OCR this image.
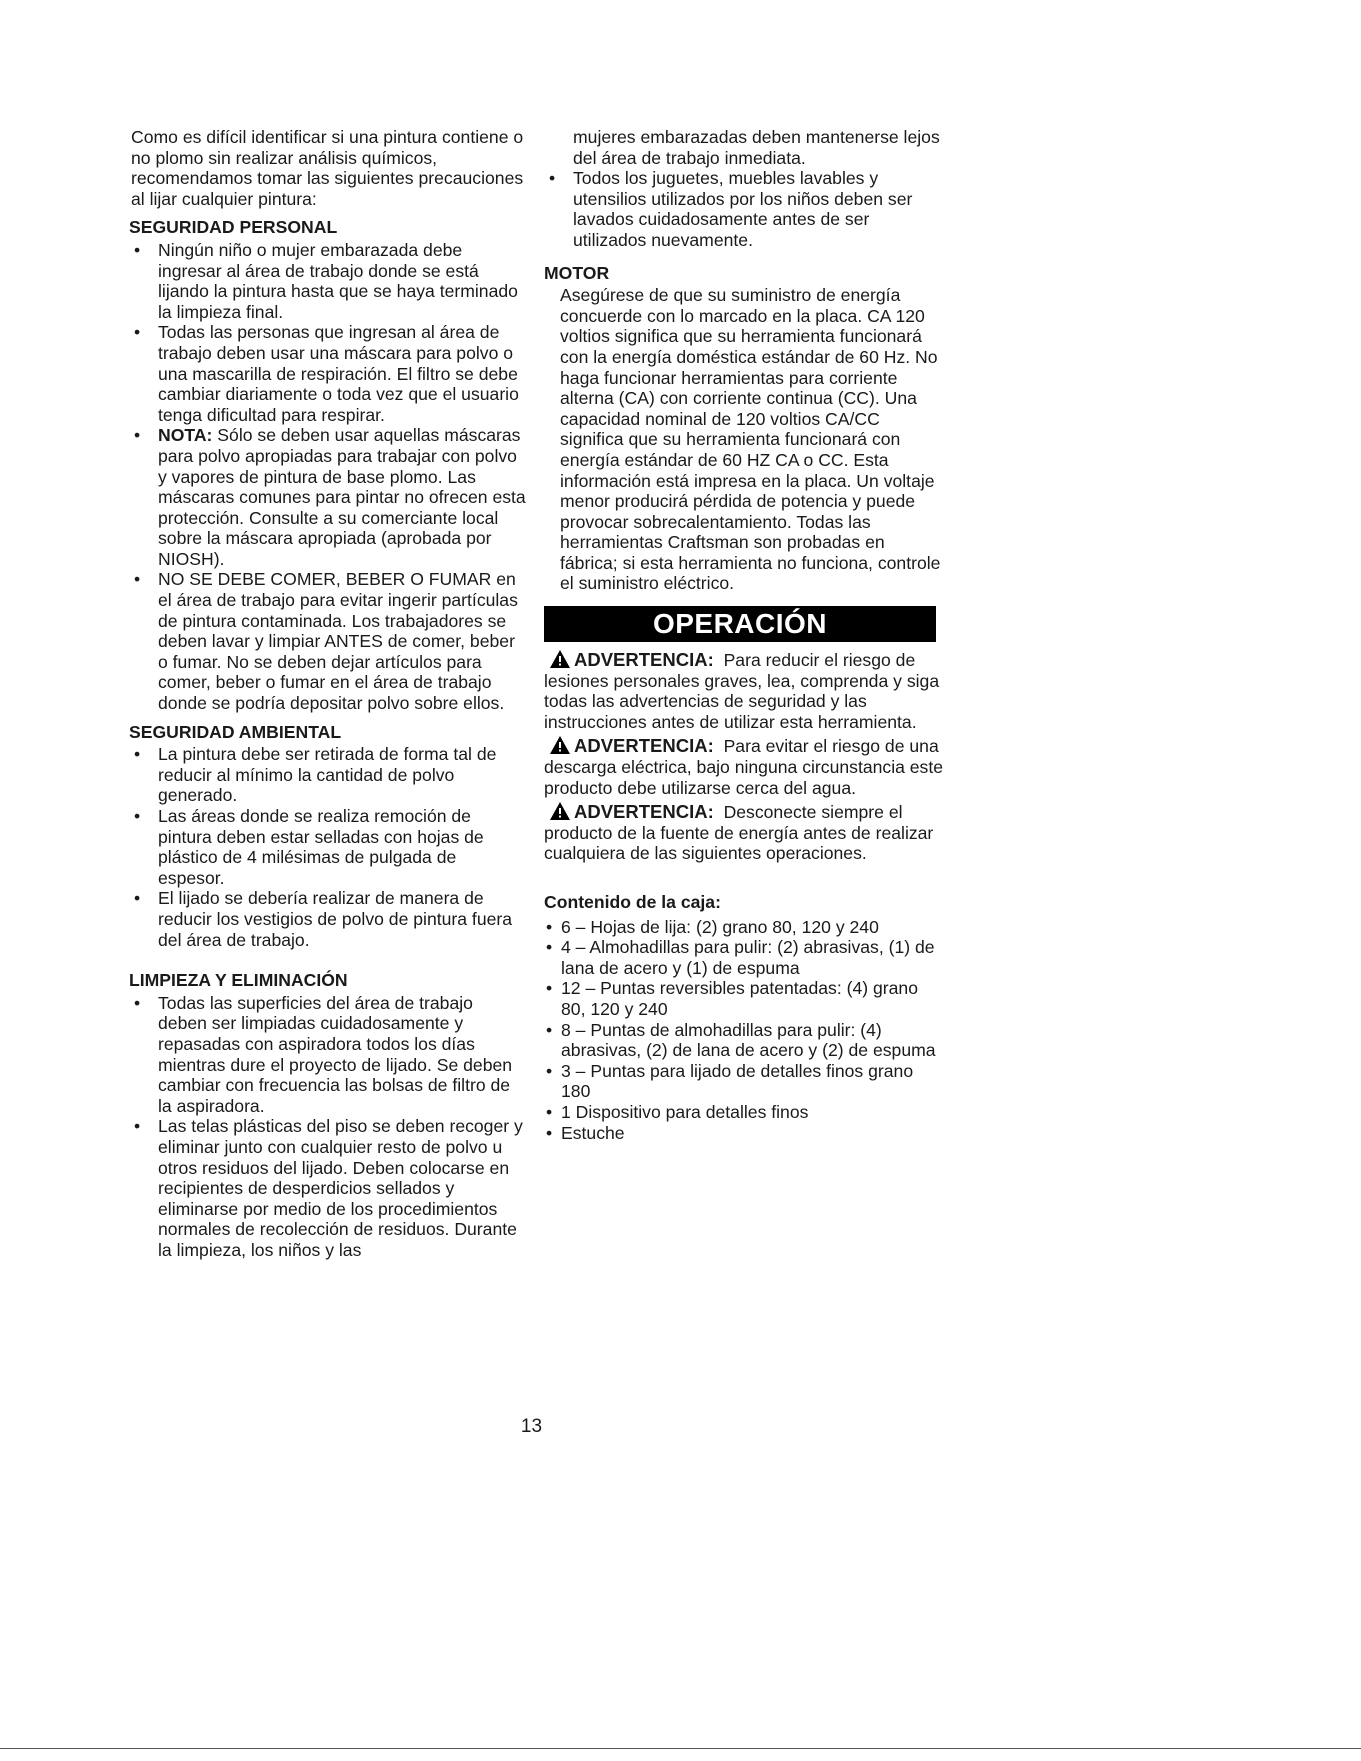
Como es difícil identificar si una pintura contiene o no plomo sin realizar análisis químicos, recomendamos tomar las siguientes precauciones al lijar cualquier pintura:

SEGURIDAD PERSONAL
• Ningún niño o mujer embarazada debe ingresar al área de trabajo donde se está lijando la pintura hasta que se haya terminado la limpieza final.
• Todas las personas que ingresan al área de trabajo deben usar una máscara para polvo o una mascarilla de respiración. El filtro se debe cambiar diariamente o toda vez que el usuario tenga dificultad para respirar.
• NOTA: Sólo se deben usar aquellas máscaras para polvo apropiadas para trabajar con polvo y vapores de pintura de base plomo. Las máscaras comunes para pintar no ofrecen esta protección. Consulte a su comerciante local sobre la máscara apropiada (aprobada por NIOSH).
• NO SE DEBE COMER, BEBER O FUMAR en el área de trabajo para evitar ingerir partículas de pintura contaminada. Los trabajadores se deben lavar y limpiar ANTES de comer, beber o fumar. No se deben dejar artículos para comer, beber o fumar en el área de trabajo donde se podría depositar polvo sobre ellos.
SEGURIDAD AMBIENTAL
• La pintura debe ser retirada de forma tal de reducir al mínimo la cantidad de polvo generado.
• Las áreas donde se realiza remoción de pintura deben estar selladas con hojas de plástico de 4 milésimas de pulgada de espesor.
• El lijado se debería realizar de manera de reducir los vestigios de polvo de pintura fuera del área de trabajo.
LIMPIEZA Y ELIMINACIÓN
• Todas las superficies del área de trabajo deben ser limpiadas cuidadosamente y repasadas con aspiradora todos los días mientras dure el proyecto de lijado. Se deben cambiar con frecuencia las bolsas de filtro de la aspiradora.
• Las telas plásticas del piso se deben recoger y eliminar junto con cualquier resto de polvo u otros residuos del lijado. Deben colocarse en recipientes de desperdicios sellados y eliminarse por medio de los procedimientos normales de recolección de residuos. Durante la limpieza, los niños y las

mujeres embarazadas deben mantenerse lejos del área de trabajo inmediata.

• Todos los juguetes, muebles lavables y utensilios utilizados por los niños deben ser lavados cuidadosamente antes de ser utilizados nuevamente.
MOTOR

Asegúrese de que su suministro de energía concuerde con lo marcado en la placa. CA 120 voltios significa que su herramienta funcionará con la energía doméstica estándar de 60 Hz. No haga funcionar herramientas para corriente alterna (CA) con corriente continua (CC). Una capacidad nominal de 120 voltios CA/CC significa que su herramienta funcionará con energía estándar de 60 HZ CA o CC. Esta información está impresa en la placa. Un voltaje menor producirá pérdida de potencia y puede provocar sobrecalentamiento. Todas las herramientas Craftsman son probadas en fábrica; si esta herramienta no funciona, controle el suministro eléctrico.

OPERACIÓN
ADVERTENCIA: Para reducir el riesgo de lesiones personales graves, lea, comprenda y siga todas las advertencias de seguridad y las instrucciones antes de utilizar esta herramienta.
ADVERTENCIA: Para evitar el riesgo de una descarga eléctrica, bajo ninguna circunstancia este producto debe utilizarse cerca del agua.
ADVERTENCIA: Desconecte siempre el producto de la fuente de energía antes de realizar cualquiera de las siguientes operaciones.
Contenido de la caja:
• 6 – Hojas de lija: (2) grano 80, 120 y 240
• 4 – Almohadillas para pulir: (2) abrasivas, (1) de lana de acero y (1) de espuma
• 12 – Puntas reversibles patentadas: (4) grano 80, 120 y 240
• 8 – Puntas de almohadillas para pulir: (4) abrasivas, (2) de lana de acero y (2) de espuma
• 3 – Puntas para lijado de detalles finos grano 180
• 1 Dispositivo para detalles finos
• Estuche
13
